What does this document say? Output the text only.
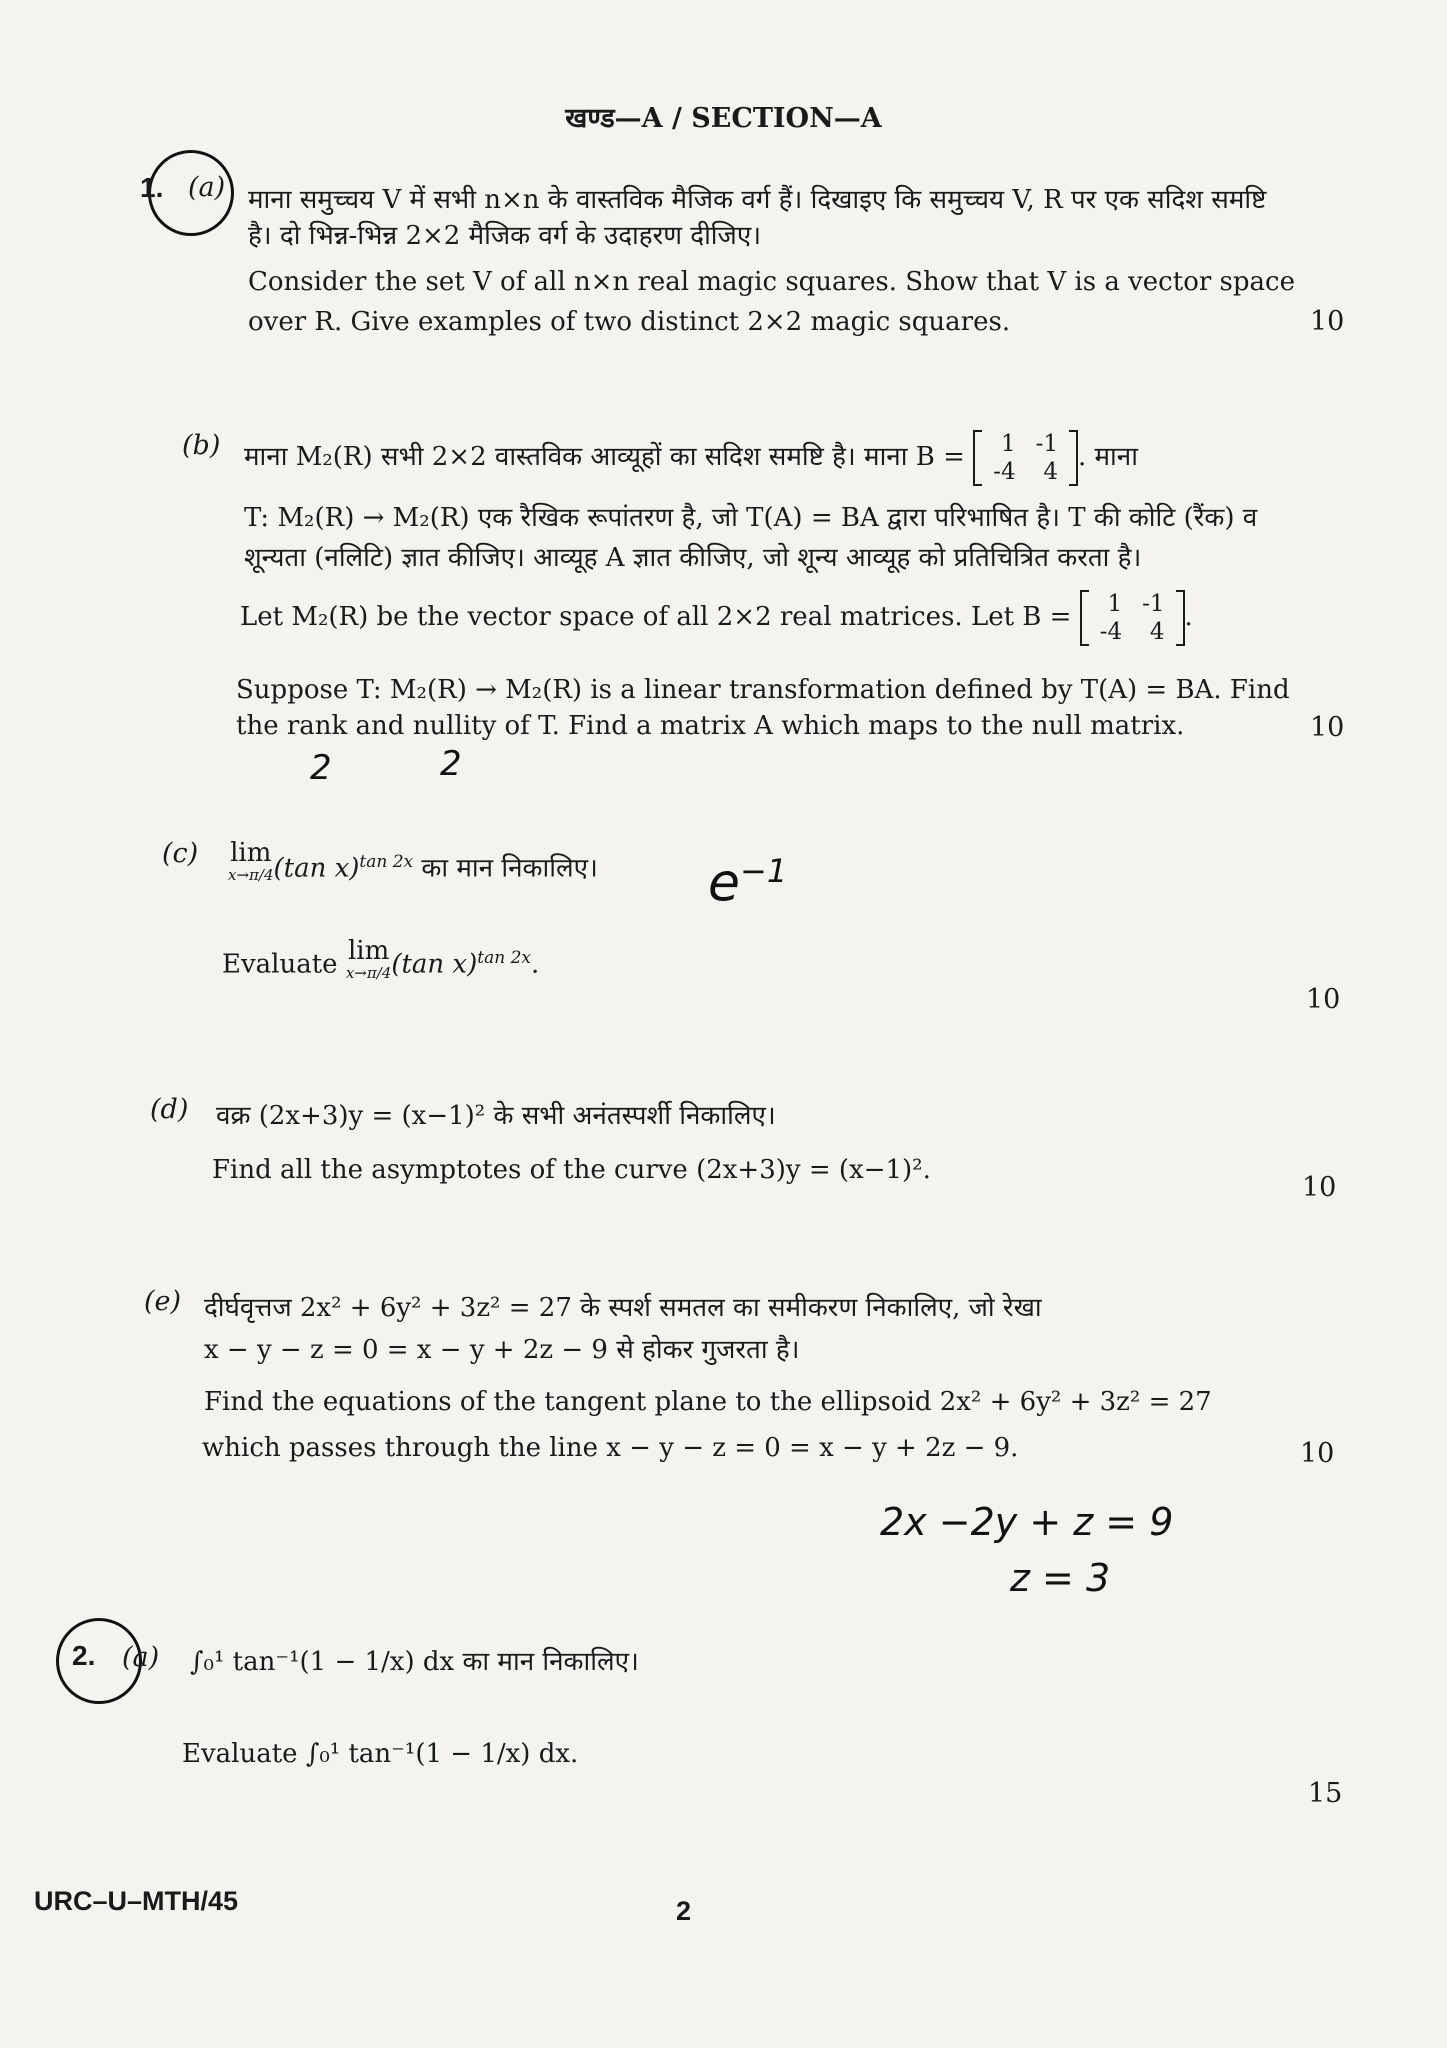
खण्ड—A / SECTION—A
1. (a) माना समुच्चय V में सभी n×n के वास्तविक मैजिक वर्ग हैं। दिखाइए कि समुच्चय V, R पर एक सदिश समष्टि
है। दो भिन्न-भिन्न 2×2 मैजिक वर्ग के उदाहरण दीजिए।
Consider the set V of all n×n real magic squares. Show that V is a vector space
over R. Give examples of two distinct 2×2 magic squares.	10
(b) माना M₂(R) सभी 2×2 वास्तविक आव्यूहों का सदिश समष्टि है। माना B = 1	-1
-4	4 . माना
T: M₂(R) → M₂(R) एक रैखिक रूपांतरण है, जो T(A) = BA द्वारा परिभाषित है। T की कोटि (रैंक) व
शून्यता (नलिटि) ज्ञात कीजिए। आव्यूह A ज्ञात कीजिए, जो शून्य आव्यूह को प्रतिचित्रित करता है।
Let M₂(R) be the vector space of all 2×2 real matrices. Let B = 1	-1
-4	4 .
Suppose T: M₂(R) → M₂(R) is a linear transformation defined by T(A) = BA. Find
the rank and nullity of T. Find a matrix A which maps to the null matrix.	10
2	2
(c) lim
x→π/4 (tan x)$^{tan 2x}$ का मान निकालिए। $e^{-1}$
Evaluate lim
x→π/4 (tan x)$^{tan 2x}$.
10
(d) वक्र (2x+3)y = (x−1)² के सभी अनंतस्पर्शी निकालिए।
Find all the asymptotes of the curve (2x+3)y = (x−1)².
10
(e) दीर्घवृत्तज 2x² + 6y² + 3z² = 27 के स्पर्श समतल का समीकरण निकालिए, जो रेखा
x − y − z = 0 = x − y + 2z − 9 से होकर गुजरता है।
Find the equations of the tangent plane to the ellipsoid 2x² + 6y² + 3z² = 27
which passes through the line x − y − z = 0 = x − y + 2z − 9.	10
2x −2y + z = 9
z = 3
2. (a) ∫₀¹ tan⁻¹(1 − 1/x) dx का मान निकालिए।
Evaluate ∫₀¹ tan⁻¹(1 − 1/x) dx.
15
URC–U–MTH/45	2
